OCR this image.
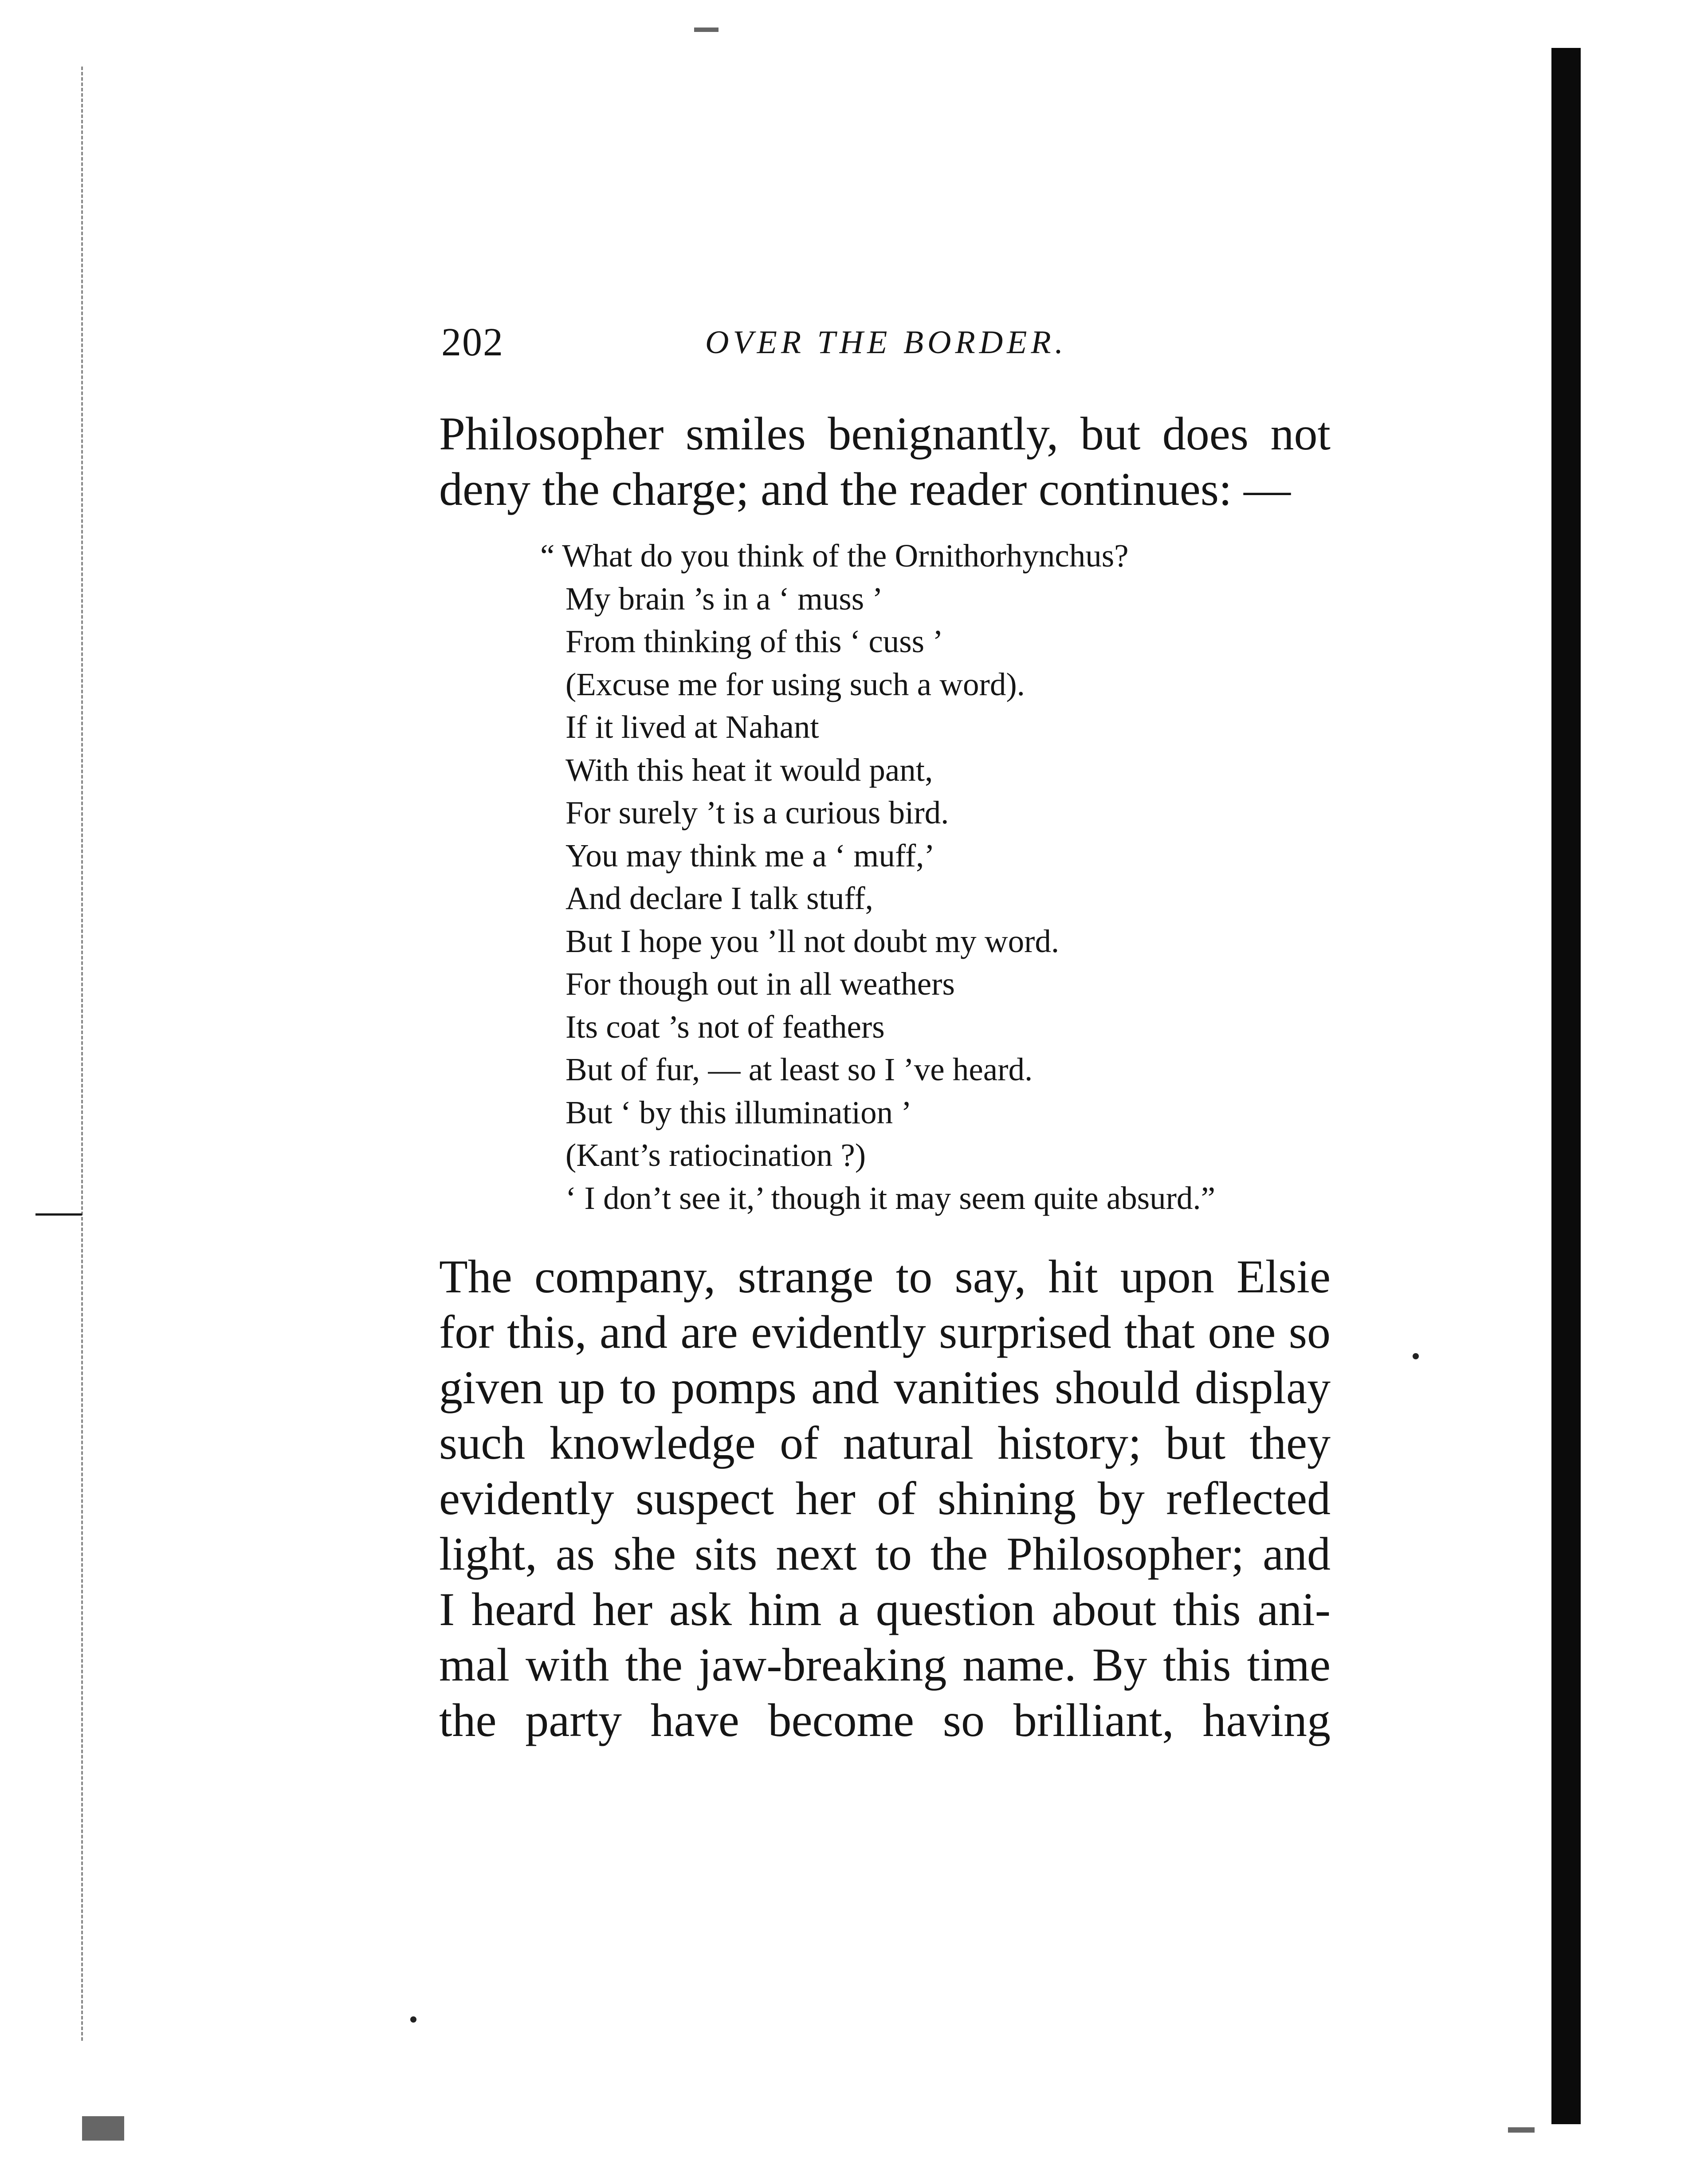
202	OVER THE BORDER.
Philosopher smiles benignantly, but does not
deny the charge; and the reader continues: —
“ What do you think of the Ornithorhynchus?
My brain ’s in a ‘ muss ’
From thinking of this ‘ cuss ’
(Excuse me for using such a word).
If it lived at Nahant
With this heat it would pant,
For surely ’t is a curious bird.
You may think me a ‘ muff,’
And declare I talk stuff,
But I hope you ’ll not doubt my word.
For though out in all weathers
Its coat ’s not of feathers
But of fur, — at least so I ’ve heard.
But ‘ by this illumination ’
(Kant’s ratiocination ?)
‘ I don’t see it,’ though it may seem quite absurd.”
The company, strange to say, hit upon Elsie
for this, and are evidently surprised that one so
given up to pomps and vanities should display
such knowledge of natural history; but they
evidently suspect her of shining by reflected
light, as she sits next to the Philosopher; and
I heard her ask him a question about this ani-
mal with the jaw-breaking name. By this time
the party have become so brilliant, having
